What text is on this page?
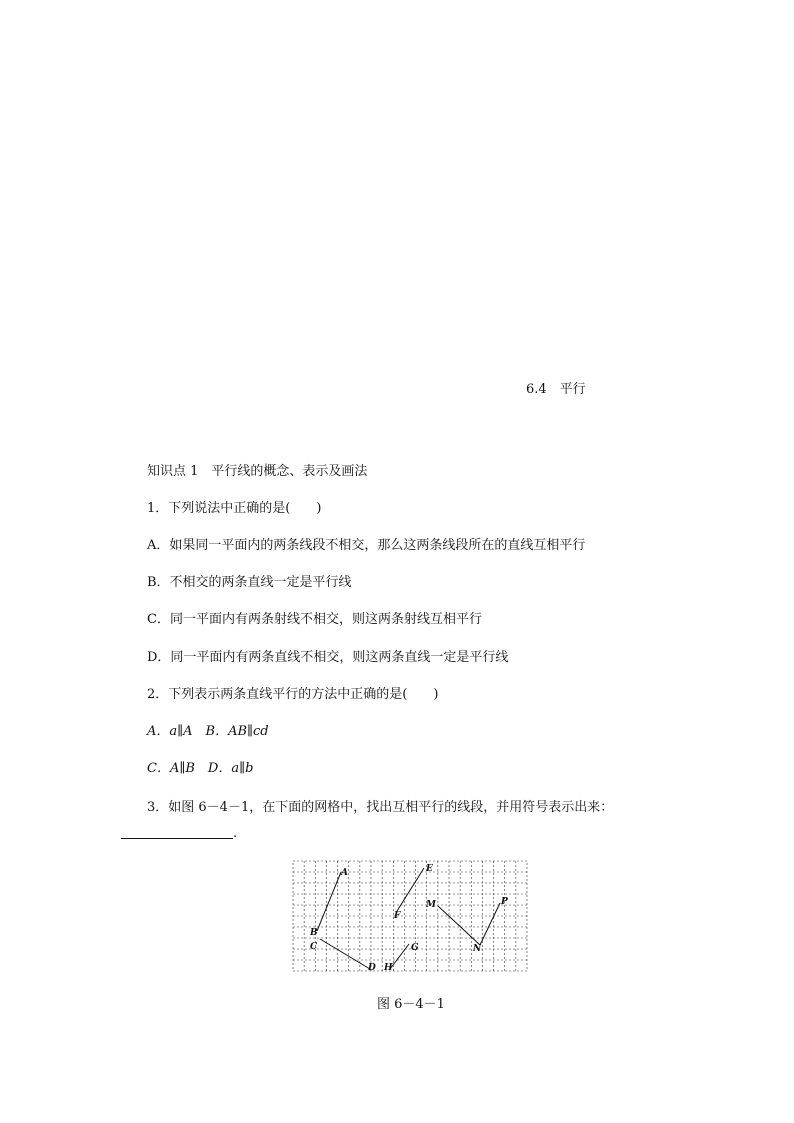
6.4　平行
知识点 1　平行线的概念、表示及画法
1．下列说法中正确的是(　　)
A．如果同一平面内的两条线段不相交，那么这两条线段所在的直线互相平行
B．不相交的两条直线一定是平行线
C．同一平面内有两条射线不相交，则这两条射线互相平行
D．同一平面内有两条直线不相交，则这两条直线一定是平行线
2．下列表示两条直线平行的方法中正确的是(　　)
A．a∥A　B．AB∥cd
C．A∥B　D．a∥b
3．如图 6－4－1，在下面的网格中，找出互相平行的线段，并用符号表示出来：
.
A
B
C
D
E
F
G
H
M
N
P
图 6－4－1
